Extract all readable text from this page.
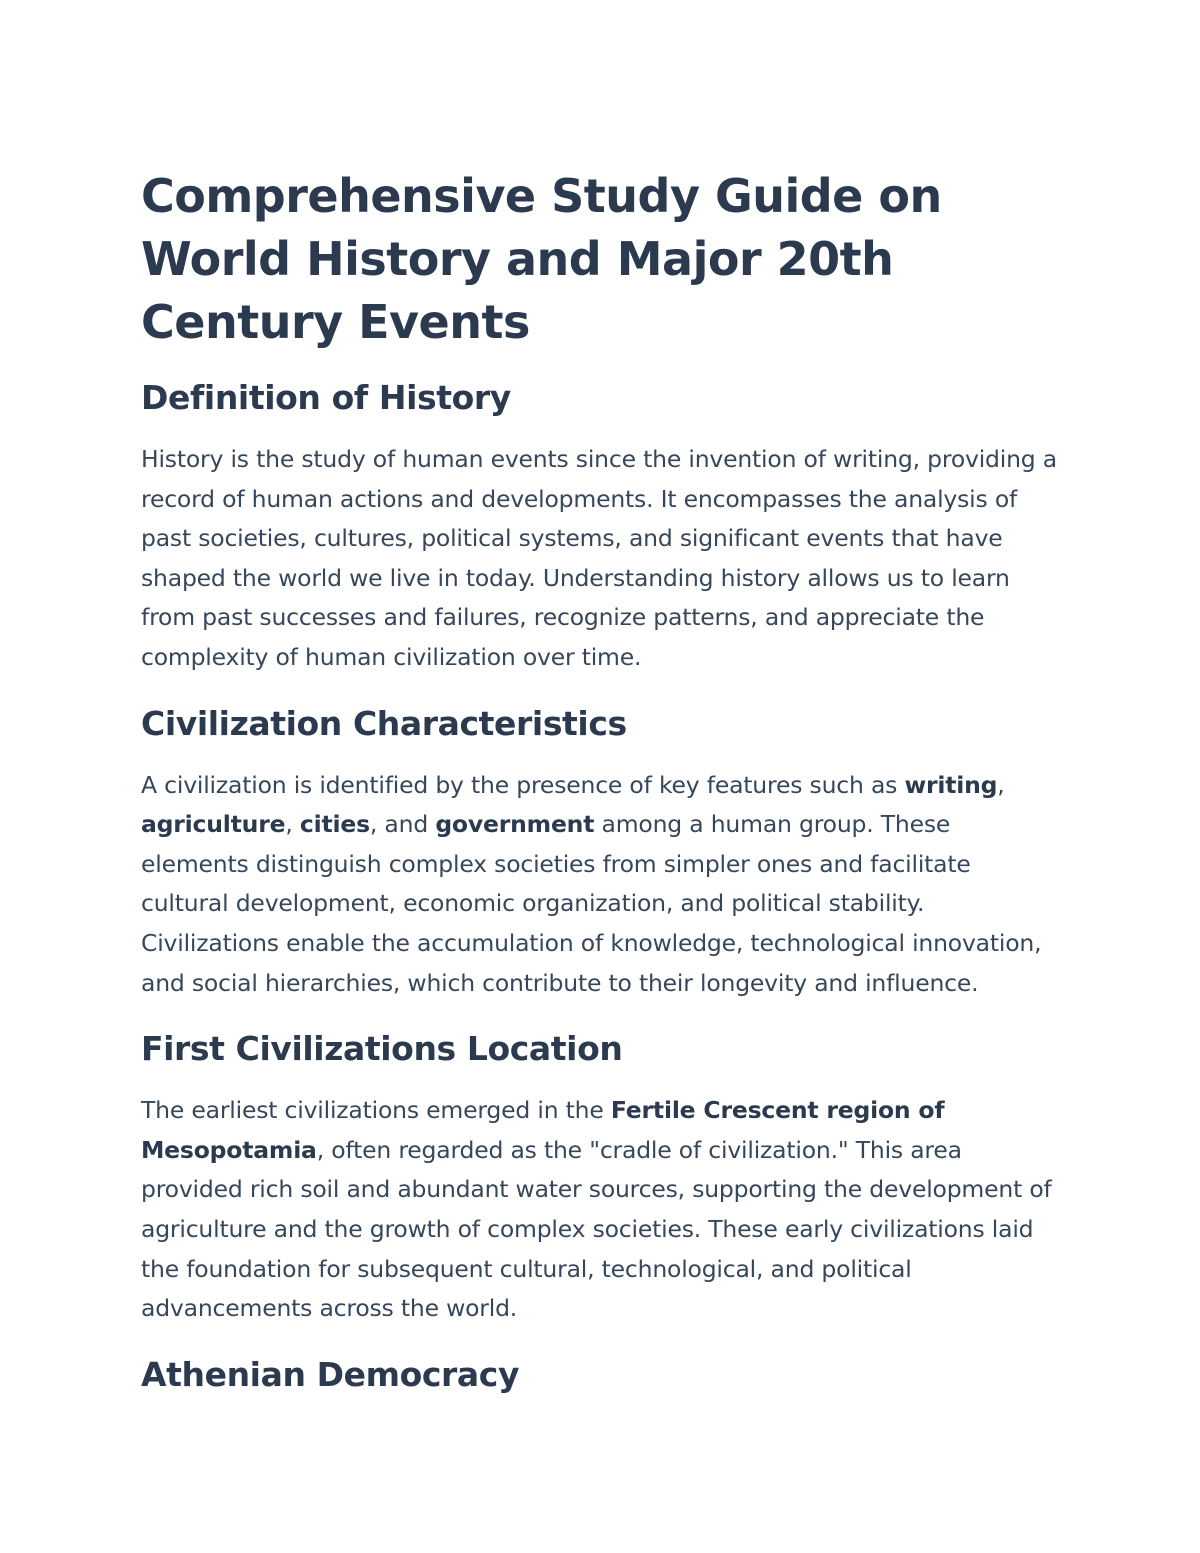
Comprehensive Study Guide on World History and Major 20th Century Events
Definition of History

History is the study of human events since the invention of writing, providing a record of human actions and developments. It encompasses the analysis of past societies, cultures, political systems, and significant events that have shaped the world we live in today. Understanding history allows us to learn from past successes and failures, recognize patterns, and appreciate the complexity of human civilization over time.

Civilization Characteristics

A civilization is identified by the presence of key features such as writing, agriculture, cities, and government among a human group. These elements distinguish complex societies from simpler ones and facilitate cultural development, economic organization, and political stability. Civilizations enable the accumulation of knowledge, technological innovation, and social hierarchies, which contribute to their longevity and influence.

First Civilizations Location

The earliest civilizations emerged in the Fertile Crescent region of Mesopotamia, often regarded as the "cradle of civilization." This area provided rich soil and abundant water sources, supporting the development of agriculture and the growth of complex societies. These early civilizations laid the foundation for subsequent cultural, technological, and political advancements across the world.

Athenian Democracy
